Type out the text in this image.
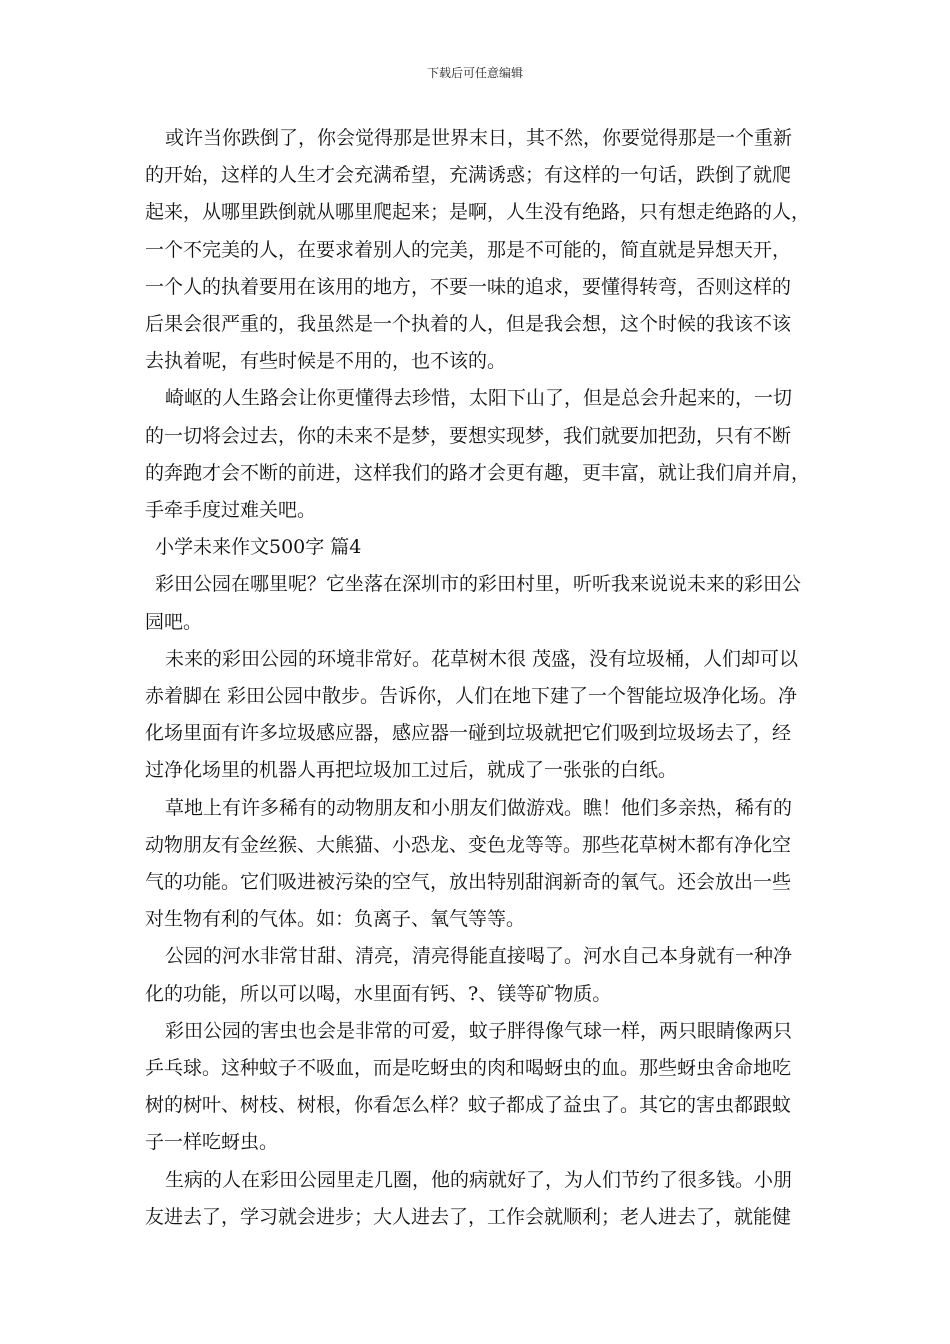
下载后可任意编辑

或许当你跌倒了，你会觉得那是世界末日，其不然，你要觉得那是一个重新
的开始，这样的人生才会充满希望，充满诱惑；有这样的一句话，跌倒了就爬
起来，从哪里跌倒就从哪里爬起来；是啊，人生没有绝路，只有想走绝路的人，
一个不完美的人，在要求着别人的完美，那是不可能的，简直就是异想天开，
一个人的执着要用在该用的地方，不要一味的追求，要懂得转弯，否则这样的
后果会很严重的，我虽然是一个执着的人，但是我会想，这个时候的我该不该
去执着呢，有些时候是不用的，也不该的。

崎岖的人生路会让你更懂得去珍惜，太阳下山了，但是总会升起来的，一切
的一切将会过去，你的未来不是梦，要想实现梦，我们就要加把劲，只有不断
的奔跑才会不断的前进，这样我们的路才会更有趣，更丰富，就让我们肩并肩，
手牵手度过难关吧。

小学未来作文500字 篇4

彩田公园在哪里呢？它坐落在深圳市的彩田村里，听听我来说说未来的彩田公
园吧。

未来的彩田公园的环境非常好。花草树木很 茂盛，没有垃圾桶，人们却可以
赤着脚在 彩田公园中散步。告诉你，人们在地下建了一个智能垃圾净化场。净
化场里面有许多垃圾感应器，感应器一碰到垃圾就把它们吸到垃圾场去了，经
过净化场里的机器人再把垃圾加工过后，就成了一张张的白纸。

草地上有许多稀有的动物朋友和小朋友们做游戏。瞧！他们多亲热，稀有的
动物朋友有金丝猴、大熊猫、小恐龙、变色龙等等。那些花草树木都有净化空
气的功能。它们吸进被污染的空气，放出特别甜润新奇的氧气。还会放出一些
对生物有利的气体。如：负离子、氧气等等。

公园的河水非常甘甜、清亮，清亮得能直接喝了。河水自己本身就有一种净
化的功能，所以可以喝，水里面有钙、?、镁等矿物质。

彩田公园的害虫也会是非常的可爱，蚊子胖得像气球一样，两只眼睛像两只
乒乓球。这种蚊子不吸血，而是吃蚜虫的肉和喝蚜虫的血。那些蚜虫舍命地吃
树的树叶、树枝、树根，你看怎么样？蚊子都成了益虫了。其它的害虫都跟蚊
子一样吃蚜虫。

生病的人在彩田公园里走几圈，他的病就好了，为人们节约了很多钱。小朋
友进去了，学习就会进步；大人进去了，工作会就顺利；老人进去了，就能健
